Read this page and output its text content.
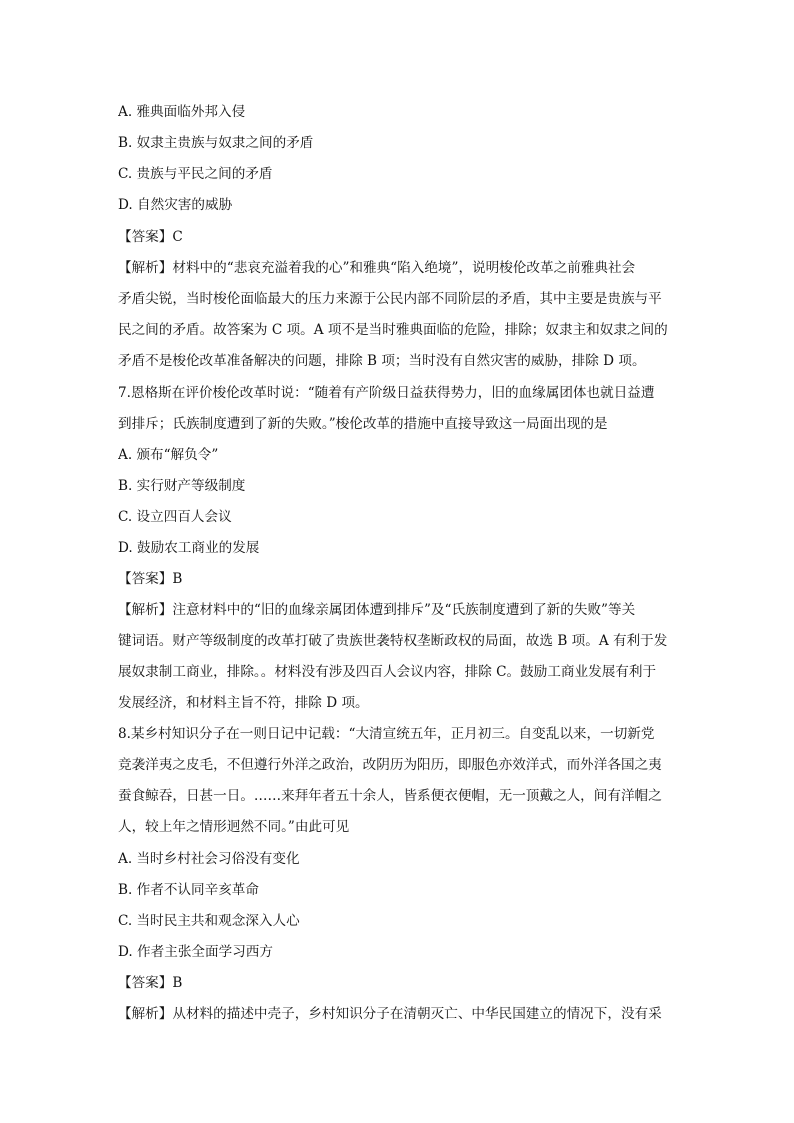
A. 雅典面临外邦入侵
B. 奴隶主贵族与奴隶之间的矛盾
C. 贵族与平民之间的矛盾
D. 自然灾害的威胁
【答案】C
【解析】材料中的“悲哀充溢着我的心”和雅典“陷入绝境”，说明梭伦改革之前雅典社会
矛盾尖锐，当时梭伦面临最大的压力来源于公民内部不同阶层的矛盾，其中主要是贵族与平
民之间的矛盾。故答案为 C 项。A 项不是当时雅典面临的危险，排除；奴隶主和奴隶之间的
矛盾不是梭伦改革准备解决的问题，排除 B 项；当时没有自然灾害的威胁，排除 D 项。
7.恩格斯在评价梭伦改革时说：“随着有产阶级日益获得势力，旧的血缘属团体也就日益遭
到排斥；氏族制度遭到了新的失败。”梭伦改革的措施中直接导致这一局面出现的是
A. 颁布“解负令”
B. 实行财产等级制度
C. 设立四百人会议
D. 鼓励农工商业的发展
【答案】B
【解析】注意材料中的“旧的血缘亲属团体遭到排斥”及“氏族制度遭到了新的失败”等关
键词语。财产等级制度的改革打破了贵族世袭特权垄断政权的局面，故选 B 项。A 有利于发
展奴隶制工商业，排除。。材料没有涉及四百人会议内容，排除 C。鼓励工商业发展有利于
发展经济，和材料主旨不符，排除 D 项。
8.某乡村知识分子在一则日记中记载：“大清宣统五年，正月初三。自变乱以来，一切新党
竞袭洋夷之皮毛，不但遵行外洋之政治，改阴历为阳历，即服色亦效洋式，而外洋各国之夷
蚕食鲸吞，日甚一日。……来拜年者五十余人，皆系便衣便帽，无一顶戴之人，间有洋帽之
人，较上年之情形迥然不同。”由此可见
A. 当时乡村社会习俗没有变化
B. 作者不认同辛亥革命
C. 当时民主共和观念深入人心
D. 作者主张全面学习西方
【答案】B
【解析】从材料的描述中壳子，乡村知识分子在清朝灭亡、中华民国建立的情况下，没有采
